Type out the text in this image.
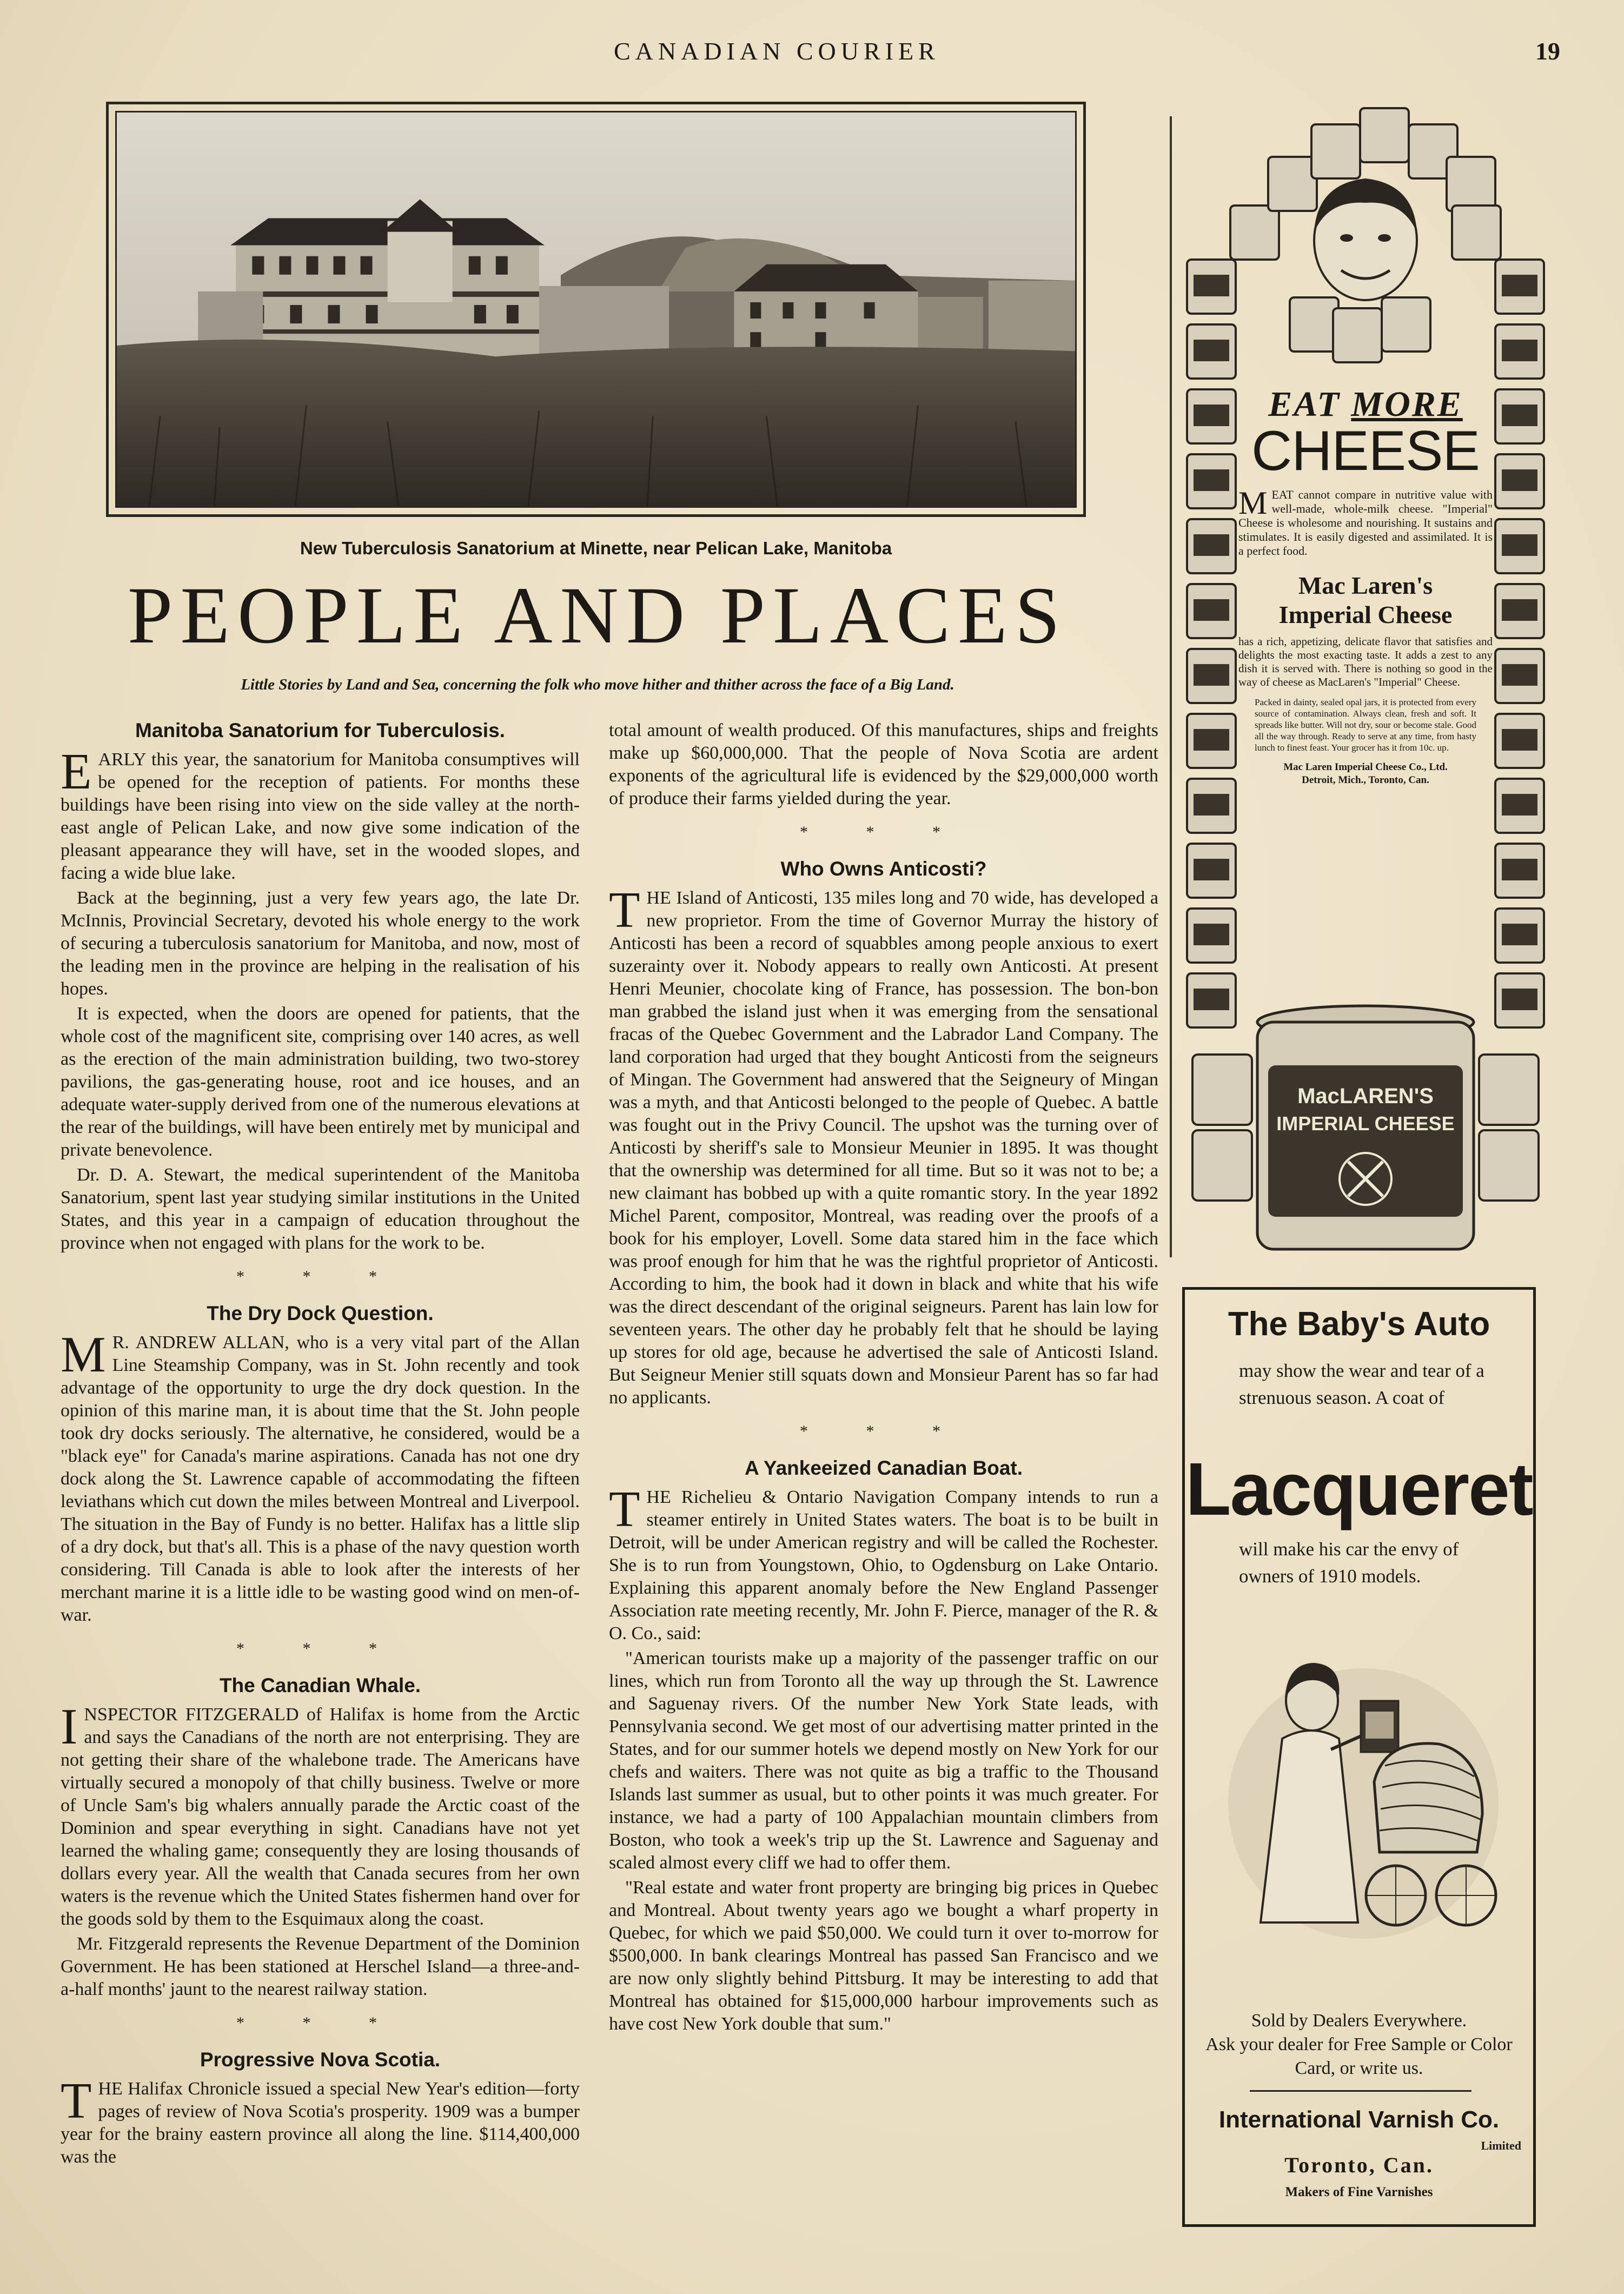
CANADIAN COURIER	19
New Tuberculosis Sanatorium at Minette, near Pelican Lake, Manitoba
PEOPLE AND PLACES
Little Stories by Land and Sea, concerning the folk who move hither and thither across the face of a Big Land.
Manitoba Sanatorium for Tuberculosis.

EARLY this year, the sanatorium for Manitoba consumptives will be opened for the reception of patients. For months these buildings have been rising into view on the side valley at the north-east angle of Pelican Lake, and now give some indication of the pleasant appearance they will have, set in the wooded slopes, and facing a wide blue lake.

Back at the beginning, just a very few years ago, the late Dr. McInnis, Provincial Secretary, devoted his whole energy to the work of securing a tuberculosis sanatorium for Manitoba, and now, most of the leading men in the province are helping in the realisation of his hopes.

It is expected, when the doors are opened for patients, that the whole cost of the magnificent site, comprising over 140 acres, as well as the erection of the main administration building, two two-storey pavilions, the gas-generating house, root and ice houses, and an adequate water-supply derived from one of the numerous elevations at the rear of the buildings, will have been entirely met by municipal and private benevolence.

Dr. D. A. Stewart, the medical superintendent of the Manitoba Sanatorium, spent last year studying similar institutions in the United States, and this year in a campaign of education throughout the province when not engaged with plans for the work to be.

* * *
The Dry Dock Question.

M R. ANDREW ALLAN, who is a very vital part of the Allan Line Steamship Company, was in St. John recently and took advantage of the opportunity to urge the dry dock question. In the opinion of this marine man, it is about time that the St. John people took dry docks seriously. The alternative, he considered, would be a "black eye" for Canada's marine aspirations. Canada has not one dry dock along the St. Lawrence capable of accommodating the fifteen leviathans which cut down the miles between Montreal and Liverpool. The situation in the Bay of Fundy is no better. Halifax has a little slip of a dry dock, but that's all. This is a phase of the navy question worth considering. Till Canada is able to look after the interests of her merchant marine it is a little idle to be wasting good wind on men-of-war.

* * *
The Canadian Whale.

INSPECTOR FITZGERALD of Halifax is home from the Arctic and says the Canadians of the north are not enterprising. They are not getting their share of the whalebone trade. The Americans have virtually secured a monopoly of that chilly business. Twelve or more of Uncle Sam's big whalers annually parade the Arctic coast of the Dominion and spear everything in sight. Canadians have not yet learned the whaling game; consequently they are losing thousands of dollars every year. All the wealth that Canada secures from her own waters is the revenue which the United States fishermen hand over for the goods sold by them to the Esquimaux along the coast.

Mr. Fitzgerald represents the Revenue Department of the Dominion Government. He has been stationed at Herschel Island—a three-and-a-half months' jaunt to the nearest railway station.

* * *
Progressive Nova Scotia.

THE Halifax Chronicle issued a special New Year's edition—forty pages of review of Nova Scotia's prosperity. 1909 was a bumper year for the brainy eastern province all along the line. $114,400,000 was the

total amount of wealth produced. Of this manufactures, ships and freights make up $60,000,000. That the people of Nova Scotia are ardent exponents of the agricultural life is evidenced by the $29,000,000 worth of produce their farms yielded during the year.

* * *
Who Owns Anticosti?

THE Island of Anticosti, 135 miles long and 70 wide, has developed a new proprietor. From the time of Governor Murray the history of Anticosti has been a record of squabbles among people anxious to exert suzerainty over it. Nobody appears to really own Anticosti. At present Henri Meunier, chocolate king of France, has possession. The bon-bon man grabbed the island just when it was emerging from the sensational fracas of the Quebec Government and the Labrador Land Company. The land corporation had urged that they bought Anticosti from the seigneurs of Mingan. The Government had answered that the Seigneury of Mingan was a myth, and that Anticosti belonged to the people of Quebec. A battle was fought out in the Privy Council. The upshot was the turning over of Anticosti by sheriff's sale to Monsieur Meunier in 1895. It was thought that the ownership was determined for all time. But so it was not to be; a new claimant has bobbed up with a quite romantic story. In the year 1892 Michel Parent, compositor, Montreal, was reading over the proofs of a book for his employer, Lovell. Some data stared him in the face which was proof enough for him that he was the rightful proprietor of Anticosti. According to him, the book had it down in black and white that his wife was the direct descendant of the original seigneurs. Parent has lain low for seventeen years. The other day he probably felt that he should be laying up stores for old age, because he advertised the sale of Anticosti Island. But Seigneur Menier still squats down and Monsieur Parent has so far had no applicants.

* * *
A Yankeeized Canadian Boat.

THE Richelieu & Ontario Navigation Company intends to run a steamer entirely in United States waters. The boat is to be built in Detroit, will be under American registry and will be called the Rochester. She is to run from Youngstown, Ohio, to Ogdensburg on Lake Ontario. Explaining this apparent anomaly before the New England Passenger Association rate meeting recently, Mr. John F. Pierce, manager of the R. & O. Co., said:

"American tourists make up a majority of the passenger traffic on our lines, which run from Toronto all the way up through the St. Lawrence and Saguenay rivers. Of the number New York State leads, with Pennsylvania second. We get most of our advertising matter printed in the States, and for our summer hotels we depend mostly on New York for our chefs and waiters. There was not quite as big a traffic to the Thousand Islands last summer as usual, but to other points it was much greater. For instance, we had a party of 100 Appalachian mountain climbers from Boston, who took a week's trip up the St. Lawrence and Saguenay and scaled almost every cliff we had to offer them.

"Real estate and water front property are bringing big prices in Quebec and Montreal. About twenty years ago we bought a wharf property in Quebec, for which we paid $50,000. We could turn it over to-morrow for $500,000. In bank clearings Montreal has passed San Francisco and we are now only slightly behind Pittsburg. It may be interesting to add that Montreal has obtained for $15,000,000 harbour improvements such as have cost New York double that sum."

MacLAREN'S
IMPERIAL CHEESE
EAT MORE
CHEESE
MEAT cannot compare in nutritive value with well-made, whole-milk cheese. "Imperial" Cheese is wholesome and nourishing. It sustains and stimulates. It is easily digested and assimilated. It is a perfect food.
Mac Laren's
Imperial Cheese
has a rich, appetizing, delicate flavor that satisfies and delights the most exacting taste. It adds a zest to any dish it is served with. There is nothing so good in the way of cheese as MacLaren's "Imperial" Cheese.
Packed in dainty, sealed opal jars, it is protected from every source of contamination. Always clean, fresh and soft. It spreads like butter. Will not dry, sour or become stale. Good all the way through. Ready to serve at any time, from hasty lunch to finest feast. Your grocer has it from 10c. up.
Mac Laren Imperial Cheese Co., Ltd.
Detroit, Mich., Toronto, Can.
The Baby's Auto
may show the wear and tear of a strenuous season. A coat of
Lacqueret
will make his car the envy of owners of 1910 models.
Sold by Dealers Everywhere.
Ask your dealer for Free Sample or Color Card, or write us.
International Varnish Co.
Limited
Toronto, Can.
Makers of Fine Varnishes
